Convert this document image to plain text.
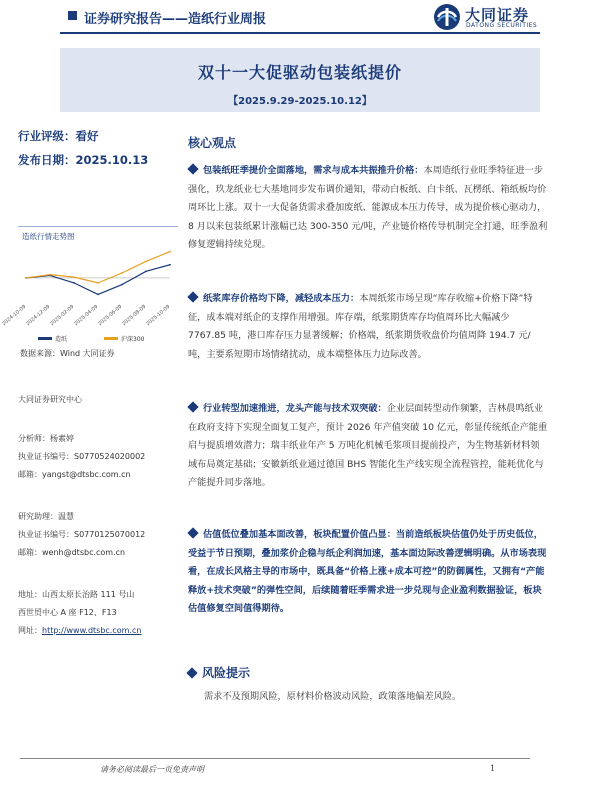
证券研究报告——造纸行业周报	大同证券
DATONG SECURITIES
双十一大促驱动包装纸提价
【2025.9.29-2025.10.12】
行业评级：看好
发布日期：2025.10.13
造纸行情走势图
2024-10-09
2024-12-09
2025-02-09
2025-04-09
2025-06-09
2025-08-09
2025-10-09
造纸	沪深300
数据来源：Wind 大同证券
大同证券研究中心
分析师：杨素婷
执业证书编号：S0770524020002
邮箱：yangst@dtsbc.com.cn
研究助理：温慧
执业证书编号：S0770125070012
邮箱：wenh@dtsbc.com.cn
地址：山西太原长治路 111 号山
西世贸中心 A 座 F12、F13
网址：http://www.dtsbc.com.cn
核心观点
包装纸旺季提价全面落地，需求与成本共振推升价格：本周造纸行业旺季特征进一步强化，玖龙纸业七大基地同步发布调价通知，带动白板纸、白卡纸、瓦楞纸、箱纸板均价周环比上涨。双十一大促备货需求叠加废纸、能源成本压力传导，成为提价核心驱动力，8 月以来包装纸累计涨幅已达 300-350 元/吨，产业链价格传导机制完全打通，旺季盈利修复逻辑持续兑现。
纸浆库存价格均下降，减轻成本压力：本周纸浆市场呈现“库存收缩+价格下降”特征，成本端对纸企的支撑作用增强。库存端，纸浆期货库存均值周环比大幅减少 7767.85 吨，港口库存压力显著缓解；价格端，纸浆期货收盘价均值周降 194.7 元/吨，主要系短期市场情绪扰动，成本端整体压力边际改善。
行业转型加速推进，龙头产能与技术双突破：企业层面转型动作频繁，吉林晨鸣纸业在政府支持下实现全面复工复产，预计 2026 年产值突破 10 亿元，彰显传统纸企产能重启与提质增效潜力；瑞丰纸业年产 5 万吨化机械毛浆项目提前投产，为生物基新材料领域布局奠定基础；安徽新纸业通过德国 BHS 智能化生产线实现全流程管控，能耗优化与产能提升同步落地。
估值低位叠加基本面改善，板块配置价值凸显：当前造纸板块估值仍处于历史低位，受益于节日预期，叠加浆价企稳与纸企利润加速，基本面边际改善逻辑明确。从市场表现看，在成长风格主导的市场中，既具备“价格上涨+成本可控”的防御属性，又拥有“产能释放+技术突破”的弹性空间，后续随着旺季需求进一步兑现与企业盈利数据验证，板块估值修复空间值得期待。
风险提示
需求不及预期风险，原材料价格波动风险，政策落地偏差风险。
请务必阅读最后一页免责声明	1
